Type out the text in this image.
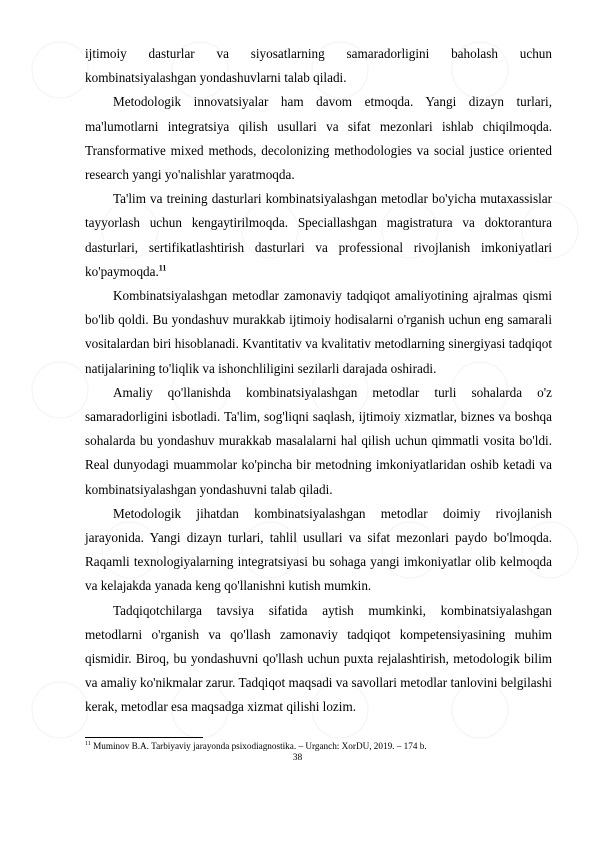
ijtimoiy dasturlar va siyosatlarning samaradorligini baholash uchun kombinatsiyalashgan yondashuvlarni talab qiladi.

Metodologik innovatsiyalar ham davom etmoqda. Yangi dizayn turlari, ma'lumotlarni integratsiya qilish usullari va sifat mezonlari ishlab chiqilmoqda. Transformative mixed methods, decolonizing methodologies va social justice oriented research yangi yo'nalishlar yaratmoqda.

Ta'lim va treining dasturlari kombinatsiyalashgan metodlar bo'yicha mutaxassislar tayyorlash uchun kengaytirilmoqda. Speciallashgan magistratura va doktorantura dasturlari, sertifikatlashtirish dasturlari va professional rivojlanish imkoniyatlari ko'paymoqda.$^{11}$

Kombinatsiyalashgan metodlar zamonaviy tadqiqot amaliyotining ajralmas qismi bo'lib qoldi. Bu yondashuv murakkab ijtimoiy hodisalarni o'rganish uchun eng samarali vositalardan biri hisoblanadi. Kvantitativ va kvalitativ metodlarning sinergiyasi tadqiqot natijalarining to'liqlik va ishonchliligini sezilarli darajada oshiradi.

Amaliy qo'llanishda kombinatsiyalashgan metodlar turli sohalarda o'z samaradorligini isbotladi. Ta'lim, sog'liqni saqlash, ijtimoiy xizmatlar, biznes va boshqa sohalarda bu yondashuv murakkab masalalarni hal qilish uchun qimmatli vosita bo'ldi. Real dunyodagi muammolar ko'pincha bir metodning imkoniyatlaridan oshib ketadi va kombinatsiyalashgan yondashuvni talab qiladi.

Metodologik jihatdan kombinatsiyalashgan metodlar doimiy rivojlanish jarayonida. Yangi dizayn turlari, tahlil usullari va sifat mezonlari paydo bo'lmoqda. Raqamli texnologiyalarning integratsiyasi bu sohaga yangi imkoniyatlar olib kelmoqda va kelajakda yanada keng qo'llanishni kutish mumkin.

Tadqiqotchilarga tavsiya sifatida aytish mumkinki, kombinatsiyalashgan metodlarni o'rganish va qo'llash zamonaviy tadqiqot kompetensiyasining muhim qismidir. Biroq, bu yondashuvni qo'llash uchun puxta rejalashtirish, metodologik bilim va amaliy ko'nikmalar zarur. Tadqiqot maqsadi va savollari metodlar tanlovini belgilashi kerak, metodlar esa maqsadga xizmat qilishi lozim.

$^{11}$ Muminov B.A. Tarbiyaviy jarayonda psixodiagnostika. – Urganch: XorDU, 2019. – 174 b.
38
